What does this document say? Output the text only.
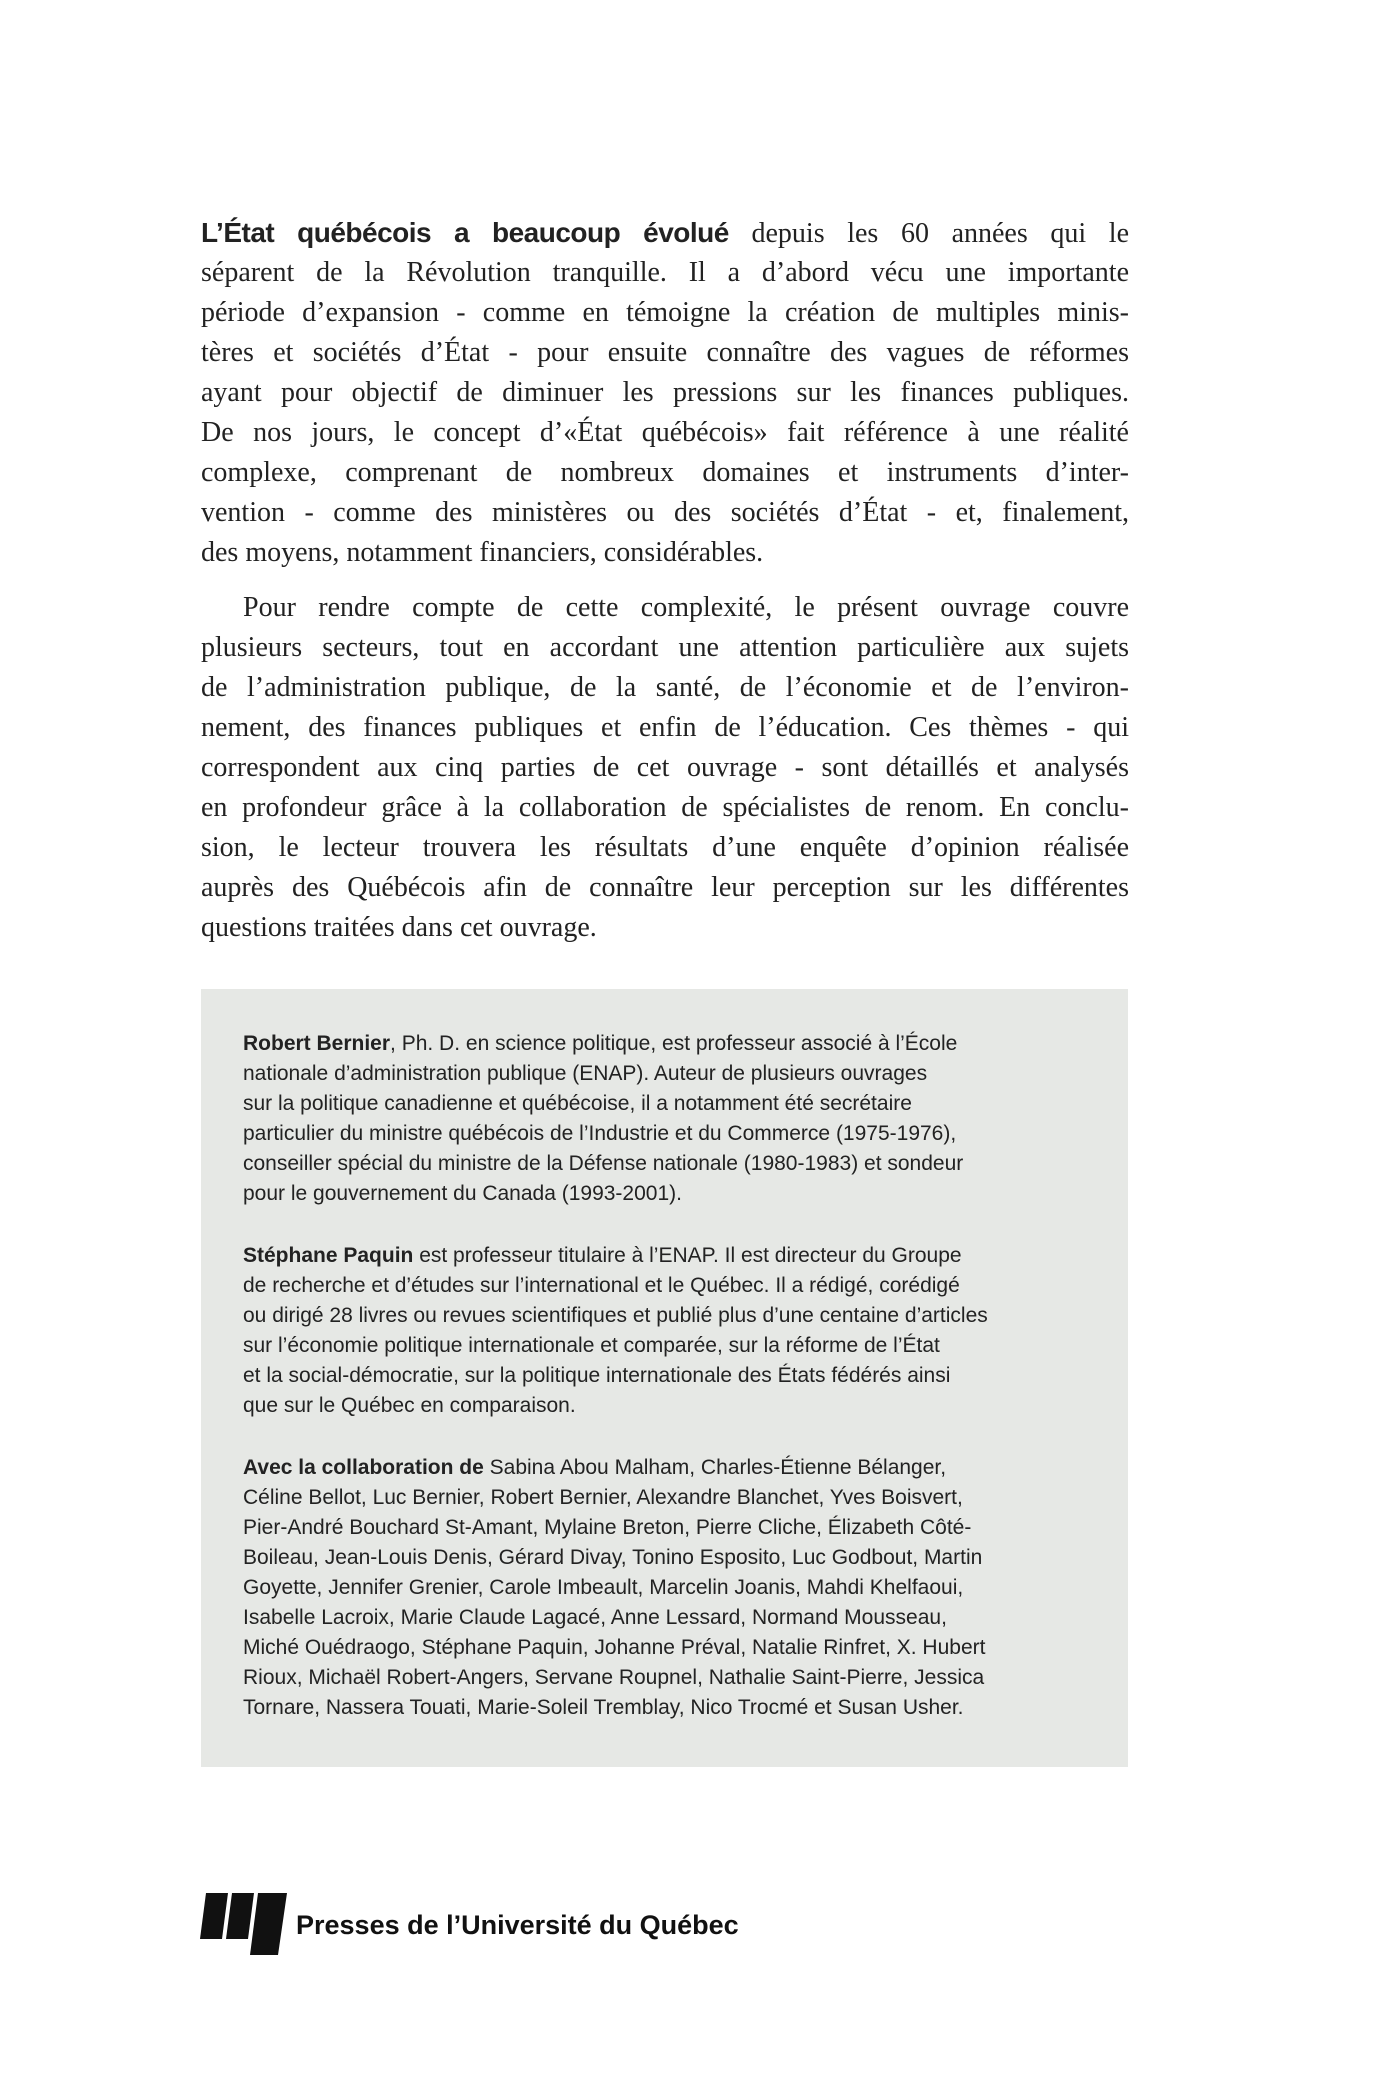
L’État québécois a beaucoup évolué depuis les 60 années qui le
séparent de la Révolution tranquille. Il a d’abord vécu une importante
période d’expansion - comme en témoigne la création de multiples minis-
tères et sociétés d’État - pour ensuite connaître des vagues de réformes
ayant pour objectif de diminuer les pressions sur les finances publiques.
De nos jours, le concept d’«État québécois» fait référence à une réalité
complexe, comprenant de nombreux domaines et instruments d’inter-
vention - comme des ministères ou des sociétés d’État - et, finalement,
des moyens, notamment financiers, considérables.
Pour rendre compte de cette complexité, le présent ouvrage couvre
plusieurs secteurs, tout en accordant une attention particulière aux sujets
de l’administration publique, de la santé, de l’économie et de l’environ-
nement, des finances publiques et enfin de l’éducation. Ces thèmes - qui
correspondent aux cinq parties de cet ouvrage - sont détaillés et analysés
en profondeur grâce à la collaboration de spécialistes de renom. En conclu-
sion, le lecteur trouvera les résultats d’une enquête d’opinion réalisée
auprès des Québécois afin de connaître leur perception sur les différentes
questions traitées dans cet ouvrage.
Robert Bernier, Ph. D. en science politique, est professeur associé à l’École
nationale d’administration publique (ENAP). Auteur de plusieurs ouvrages
sur la politique canadienne et québécoise, il a notamment été secrétaire
particulier du ministre québécois de l’Industrie et du Commerce (1975-1976),
conseiller spécial du ministre de la Défense nationale (1980-1983) et sondeur
pour le gouvernement du Canada (1993-2001).
Stéphane Paquin est professeur titulaire à l’ENAP. Il est directeur du Groupe
de recherche et d’études sur l’international et le Québec. Il a rédigé, corédigé
ou dirigé 28 livres ou revues scientifiques et publié plus d’une centaine d’articles
sur l’économie politique internationale et comparée, sur la réforme de l’État
et la social-démocratie, sur la politique internationale des États fédérés ainsi
que sur le Québec en comparaison.
Avec la collaboration de Sabina Abou Malham, Charles-Étienne Bélanger,
Céline Bellot, Luc Bernier, Robert Bernier, Alexandre Blanchet, Yves Boisvert,
Pier-André Bouchard St-Amant, Mylaine Breton, Pierre Cliche, Élizabeth Côté-
Boileau, Jean-Louis Denis, Gérard Divay, Tonino Esposito, Luc Godbout, Martin
Goyette, Jennifer Grenier, Carole Imbeault, Marcelin Joanis, Mahdi Khelfaoui,
Isabelle Lacroix, Marie Claude Lagacé, Anne Lessard, Normand Mousseau,
Miché Ouédraogo, Stéphane Paquin, Johanne Préval, Natalie Rinfret, X. Hubert
Rioux, Michaël Robert-Angers, Servane Roupnel, Nathalie Saint-Pierre, Jessica
Tornare, Nassera Touati, Marie-Soleil Tremblay, Nico Trocmé et Susan Usher.
Presses de l’Université du Québec
